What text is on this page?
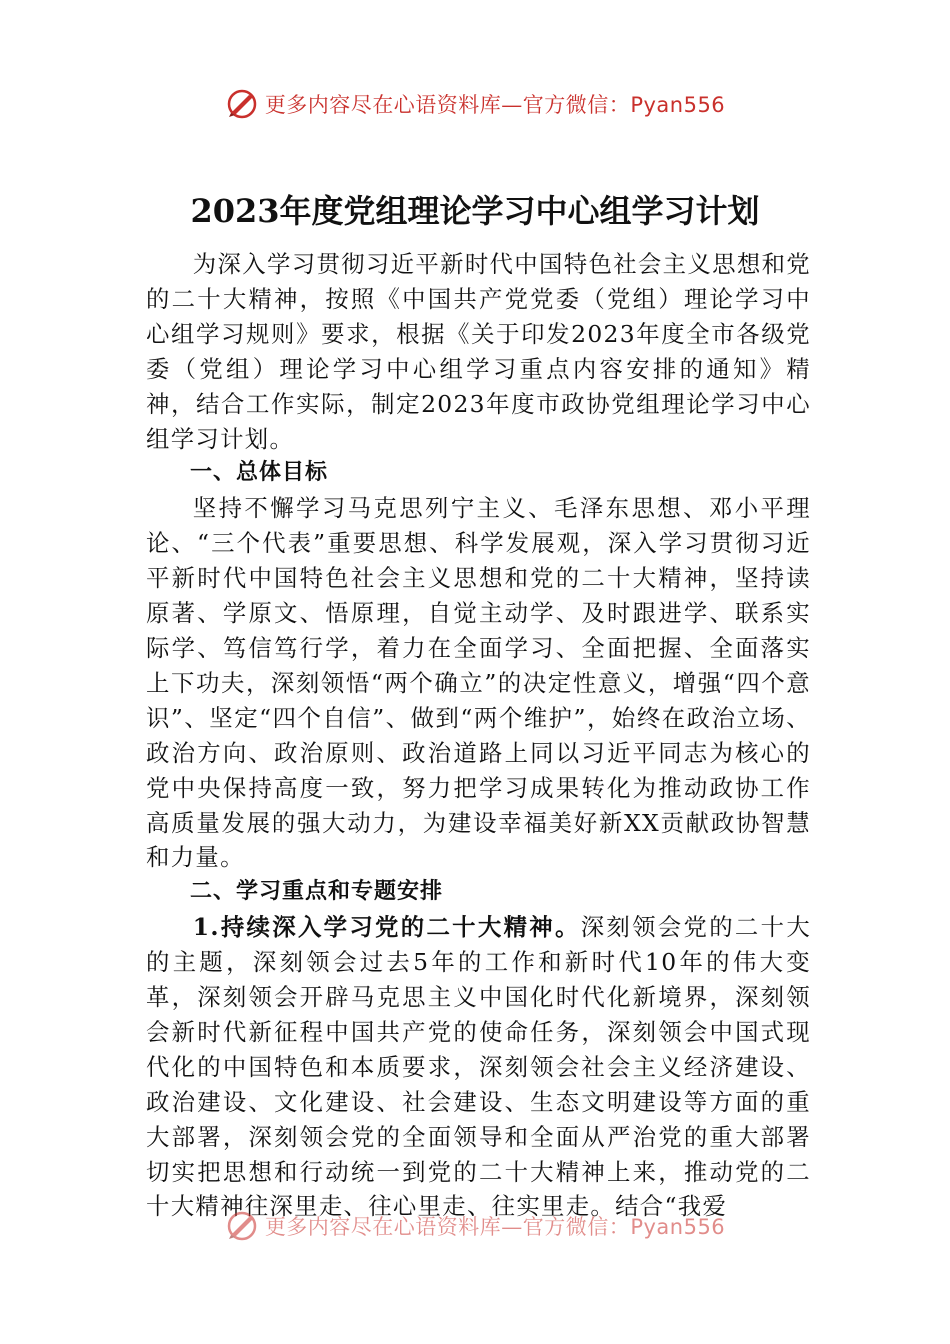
更多内容尽在心语资料库—官方微信：Pyan556
2023年度党组理论学习中心组学习计划

为深入学习贯彻习近平新时代中国特色社会主义思想和党的二十大精神，按照《中国共产党党委（党组）理论学习中心组学习规则》要求，根据《关于印发2023年度全市各级党委（党组）理论学习中心组学习重点内容安排的通知》精神，结合工作实际，制定2023年度市政协党组理论学习中心组学习计划。

一、总体目标

坚持不懈学习马克思列宁主义、毛泽东思想、邓小平理论、“三个代表”重要思想、科学发展观，深入学习贯彻习近平新时代中国特色社会主义思想和党的二十大精神，坚持读原著、学原文、悟原理，自觉主动学、及时跟进学、联系实际学、笃信笃行学，着力在全面学习、全面把握、全面落实上下功夫，深刻领悟“两个确立”的决定性意义，增强“四个意识”、坚定“四个自信”、做到“两个维护”，始终在政治立场、政治方向、政治原则、政治道路上同以习近平同志为核心的党中央保持高度一致，努力把学习成果转化为推动政协工作高质量发展的强大动力，为建设幸福美好新XX贡献政协智慧和力量。

二、学习重点和专题安排

1.持续深入学习党的二十大精神。深刻领会党的二十大的主题，深刻领会过去5年的工作和新时代10年的伟大变革，深刻领会开辟马克思主义中国化时代化新境界，深刻领会新时代新征程中国共产党的使命任务，深刻领会中国式现代化的中国特色和本质要求，深刻领会社会主义经济建设、政治建设、文化建设、社会建设、生态文明建设等方面的重大部署，深刻领会党的全面领导和全面从严治党的重大部署切实把思想和行动统一到党的二十大精神上来，推动党的二十大精神往深里走、往心里走、往实里走。结合“我爱

更多内容尽在心语资料库—官方微信：Pyan556
